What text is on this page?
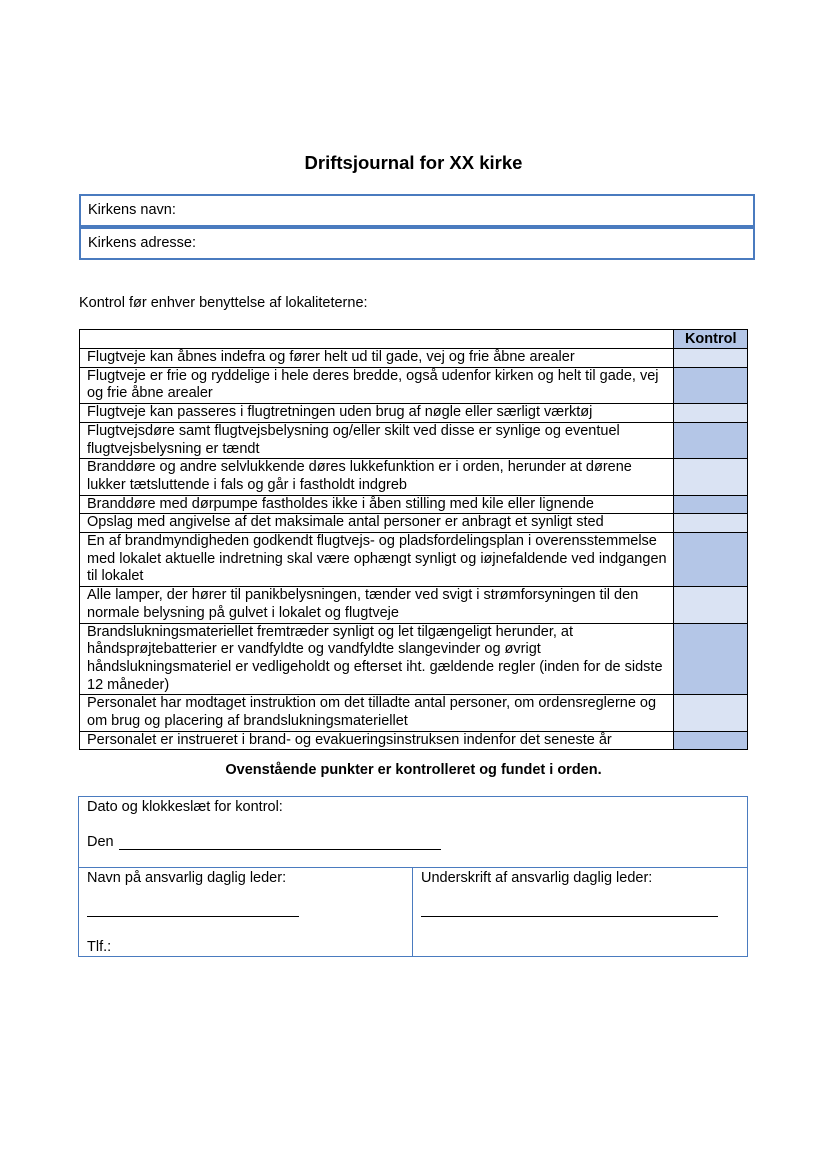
Driftsjournal for XX kirke
Kirkens navn:
Kirkens adresse:
Kontrol før enhver benyttelse af lokaliteterne:
	Kontrol
Flugtveje kan åbnes indefra og fører helt ud til gade, vej og frie åbne arealer	
Flugtveje er frie og ryddelige i hele deres bredde, også udenfor kirken og helt til gade, vej og frie åbne arealer	
Flugtveje kan passeres i flugtretningen uden brug af nøgle eller særligt værktøj	
Flugtvejsdøre samt flugtvejsbelysning og/eller skilt ved disse er synlige og eventuel flugtvejsbelysning er tændt	
Branddøre og andre selvlukkende døres lukkefunktion er i orden, herunder at dørene lukker tætsluttende i fals og går i fastholdt indgreb	
Branddøre med dørpumpe fastholdes ikke i åben stilling med kile eller lignende	
Opslag med angivelse af det maksimale antal personer er anbragt et synligt sted	
En af brandmyndigheden godkendt flugtvejs- og pladsfordelingsplan i overensstemmelse med lokalet aktuelle indretning skal være ophængt synligt og iøjnefaldende ved indgangen til lokalet	
Alle lamper, der hører til panikbelysningen, tænder ved svigt i strømforsyningen til den normale belysning på gulvet i lokalet og flugtveje	
Brandslukningsmateriellet fremtræder synligt og let tilgængeligt herunder, at håndsprøjtebatterier er vandfyldte og vandfyldte slangevinder og øvrigt håndslukningsmateriel er vedligeholdt og efterset iht. gældende regler (inden for de sidste 12 måneder)	
Personalet har modtaget instruktion om det tilladte antal personer, om ordensreglerne og om brug og placering af brandslukningsmateriellet	
Personalet er instrueret i brand- og evakueringsinstruksen indenfor det seneste år	
Ovenstående punkter er kontrolleret og fundet i orden.
Dato og klokkeslæt for kontrol:
Den
Navn på ansvarlig daglig leder:
Tlf.:
Underskrift af ansvarlig daglig leder:
